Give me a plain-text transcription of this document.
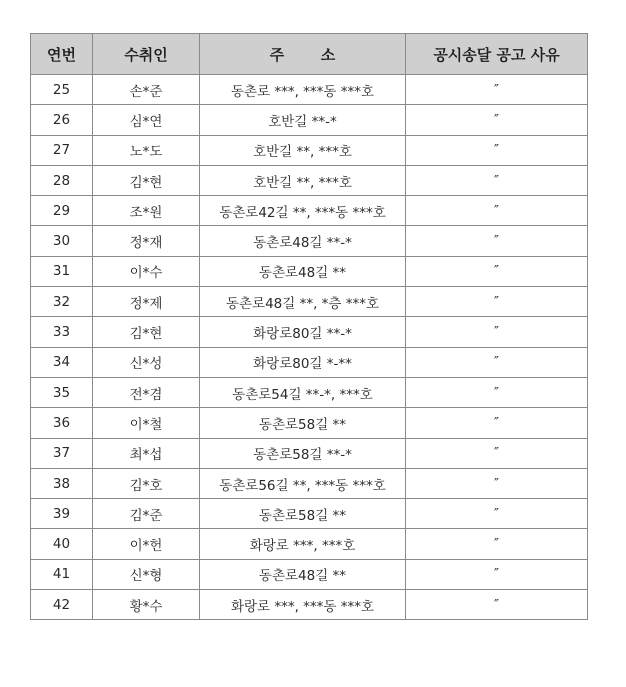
연번	수취인	주       소	공시송달 공고 사유
25	손*준	동촌로 ***, ***동 ***호	″
26	심*연	호반길 **-*	″
27	노*도	호반길 **, ***호	″
28	김*현	호반길 **, ***호	″
29	조*원	동촌로42길 **, ***동 ***호	″
30	정*재	동촌로48길 **-*	″
31	이*수	동촌로48길 **	″
32	정*제	동촌로48길 **, *층 ***호	″
33	김*현	화랑로80길 **-*	″
34	신*성	화랑로80길 *-**	″
35	전*겸	동촌로54길 **-*, ***호	″
36	이*철	동촌로58길 **	″
37	최*섭	동촌로58길 **-*	″
38	김*호	동촌로56길 **, ***동 ***호	″
39	김*준	동촌로58길 **	″
40	이*헌	화랑로 ***, ***호	″
41	신*형	동촌로48길 **	″
42	황*수	화랑로 ***, ***동 ***호	″
